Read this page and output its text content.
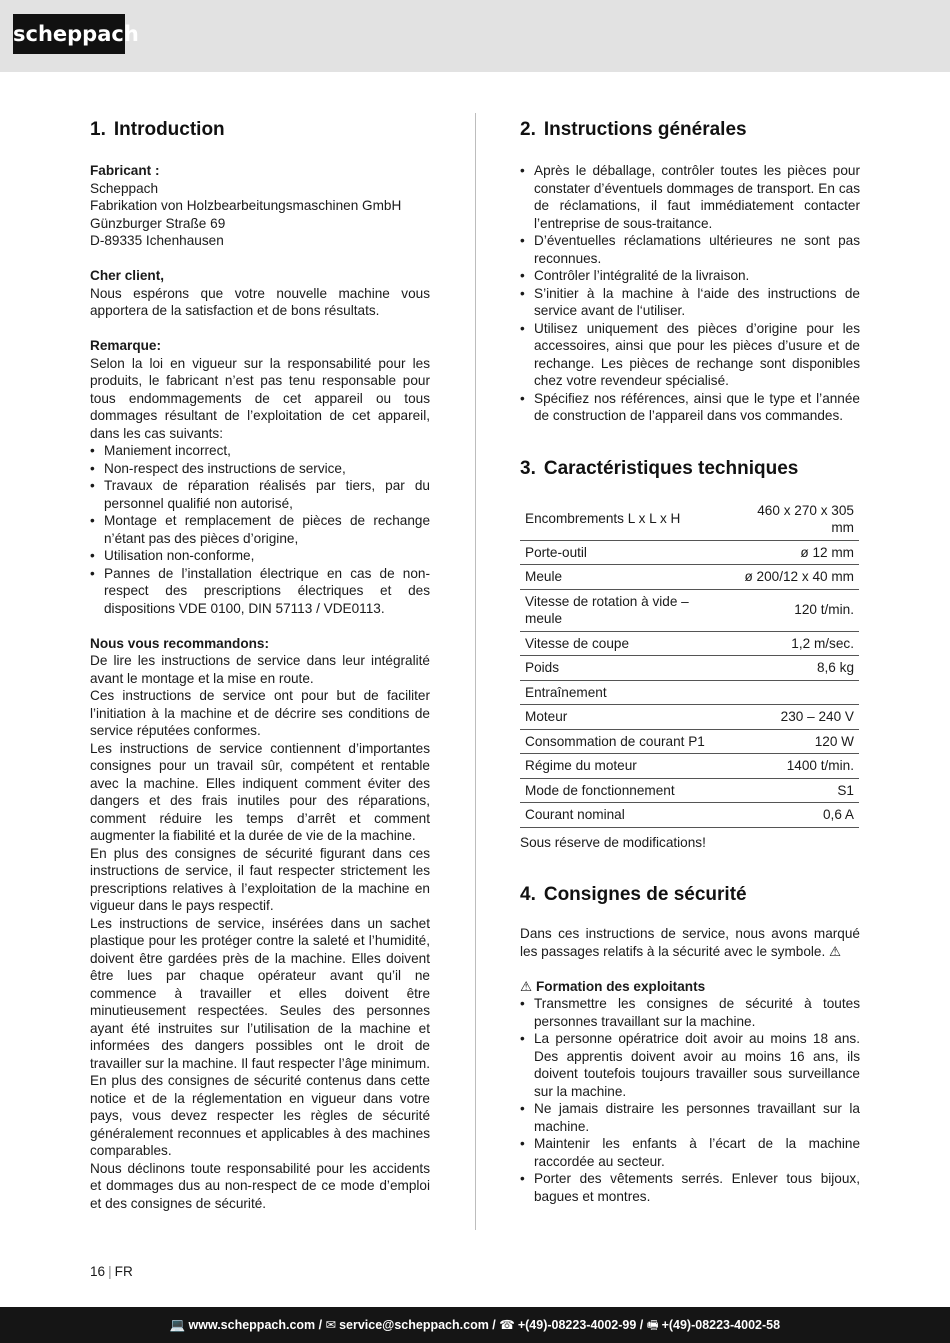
scheppach
1. Introduction

Fabricant :

Scheppach

Fabrikation von Holzbearbeitungsmaschinen GmbH

Günzburger Straße 69

D-89335 Ichenhausen

Cher client,

Nous espérons que votre nouvelle machine vous apportera de la satisfaction et de bons résultats.

Remarque:

Selon la loi en vigueur sur la responsabilité pour les produits, le fabricant n’est pas tenu responsable pour tous endommagements de cet appareil ou tous dommages résultant de l’exploitation de cet appareil, dans les cas suivants:

• Maniement incorrect,
• Non-respect des instructions de service,
• Travaux de réparation réalisés par tiers, par du personnel qualifié non autorisé,
• Montage et remplacement de pièces de rechange n’étant pas des pièces d’origine,
• Utilisation non-conforme,
• Pannes de l’installation électrique en cas de non-respect des prescriptions électriques et des dispositions VDE 0100, DIN 57113 / VDE0113.

Nous vous recommandons:

De lire les instructions de service dans leur intégralité avant le montage et la mise en route.

Ces instructions de service ont pour but de faciliter l’initiation à la machine et de décrire ses conditions de service réputées conformes.

Les instructions de service contiennent d’importantes consignes pour un travail sûr, compétent et rentable avec la machine. Elles indiquent comment éviter des dangers et des frais inutiles pour des réparations, comment réduire les temps d’arrêt et comment augmenter la fiabilité et la durée de vie de la machine.

En plus des consignes de sécurité figurant dans ces instructions de service, il faut respecter strictement les prescriptions relatives à l’exploitation de la machine en vigueur dans le pays respectif.

Les instructions de service, insérées dans un sachet plastique pour les protéger contre la saleté et l’humidité, doivent être gardées près de la machine. Elles doivent être lues par chaque opérateur avant qu’il ne commence à travailler et elles doivent être minutieusement respectées. Seules des personnes ayant été instruites sur l’utilisation de la machine et informées des dangers possibles ont le droit de travailler sur la machine. Il faut respecter l’âge minimum.

En plus des consignes de sécurité contenus dans cette notice et de la réglementation en vigueur dans votre pays, vous devez respecter les règles de sécurité généralement reconnues et applicables à des machines comparables.

Nous déclinons toute responsabilité pour les accidents et dommages dus au non-respect de ce mode d’emploi et des consignes de sécurité.

2. Instructions générales
• Après le déballage, contrôler toutes les pièces pour constater d’éventuels dommages de transport. En cas de réclamations, il faut immédiatement contacter l’entreprise de sous-traitance.
• D’éventuelles réclamations ultérieures ne sont pas reconnues.
• Contrôler l’intégralité de la livraison.
• S’initier à la machine à l‘aide des instructions de service avant de l‘utiliser.
• Utilisez uniquement des pièces d’origine pour les accessoires, ainsi que pour les pièces d’usure et de rechange. Les pièces de rechange sont disponibles chez votre revendeur spécialisé.
• Spécifiez nos références, ainsi que le type et l’année de construction de l’appareil dans vos commandes.
3. Caractéristiques techniques
Encombrements L x L x H	460 x 270 x 305 mm
Porte-outil	ø 12 mm
Meule	ø 200/12 x 40 mm
Vitesse de rotation à vide – meule	120 t/min.
Vitesse de coupe	1,2 m/sec.
Poids	8,6 kg
Entraînement	
Moteur	230 – 240 V
Consommation de courant P1	120 W
Régime du moteur	1400 t/min.
Mode de fonctionnement	S1
Courant nominal	0,6 A

Sous réserve de modifications!

4. Consignes de sécurité

Dans ces instructions de service, nous avons marqué les passages relatifs à la sécurité avec le symbole. ⚠

⚠ Formation des exploitants

• Transmettre les consignes de sécurité à toutes personnes travaillant sur la machine.
• La personne opératrice doit avoir au moins 18 ans. Des apprentis doivent avoir au moins 16 ans, ils doivent toutefois toujours travailler sous surveillance sur la machine.
• Ne jamais distraire les personnes travaillant sur la machine.
• Maintenir les enfants à l’écart de la machine raccordée au secteur.
• Porter des vêtements serrés. Enlever tous bijoux, bagues et montres.
16 | FR
💻 www.scheppach.com / ✉ service@scheppach.com / ☎ +(49)-08223-4002-99 / 🖷 +(49)-08223-4002-58
